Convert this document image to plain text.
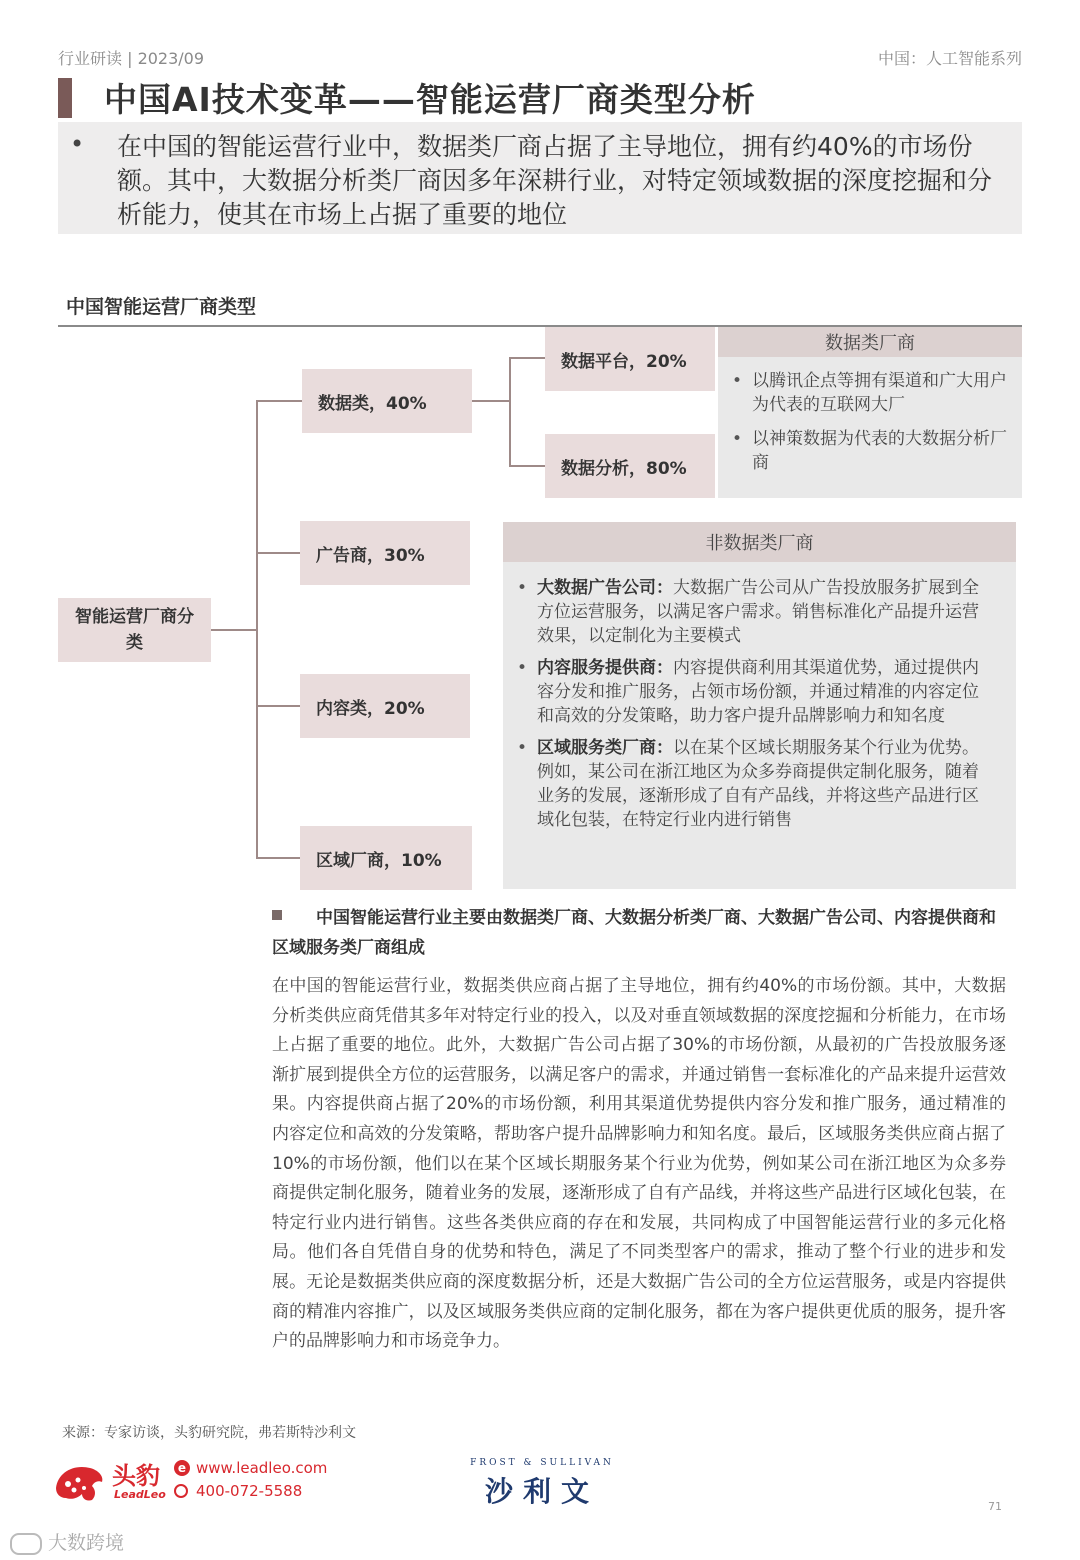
行业研读 | 2023/09	中国：人工智能系列
中国AI技术变革——智能运营厂商类型分析
• 在中国的智能运营行业中，数据类厂商占据了主导地位，拥有约40%的市场份额。其中，大数据分析类厂商因多年深耕行业，对特定领域数据的深度挖掘和分析能力，使其在市场上占据了重要的地位
中国智能运营厂商类型
智能运营厂商分类
数据类，40%
广告商，30%
内容类，20%
区域厂商，10%
数据平台，20%
数据分析，80%
数据类厂商
• 以腾讯企点等拥有渠道和广大用户为代表的互联网大厂
• 以神策数据为代表的大数据分析厂商
非数据类厂商
• 大数据广告公司：大数据广告公司从广告投放服务扩展到全方位运营服务，以满足客户需求。销售标准化产品提升运营效果，以定制化为主要模式
• 内容服务提供商：内容提供商利用其渠道优势，通过提供内容分发和推广服务，占领市场份额，并通过精准的内容定位和高效的分发策略，助力客户提升品牌影响力和知名度
• 区域服务类厂商：以在某个区域长期服务某个行业为优势。例如，某公司在浙江地区为众多券商提供定制化服务，随着业务的发展，逐渐形成了自有产品线，并将这些产品进行区域化包装，在特定行业内进行销售
中国智能运营行业主要由数据类厂商、大数据分析类厂商、大数据广告公司、内容提供商和区域服务类厂商组成
在中国的智能运营行业，数据类供应商占据了主导地位，拥有约40%的市场份额。其中，大数据分析类供应商凭借其多年对特定行业的投入，以及对垂直领域数据的深度挖掘和分析能力，在市场上占据了重要的地位。此外，大数据广告公司占据了30%的市场份额，从最初的广告投放服务逐渐扩展到提供全方位的运营服务，以满足客户的需求，并通过销售一套标准化的产品来提升运营效果。内容提供商占据了20%的市场份额，利用其渠道优势提供内容分发和推广服务，通过精准的内容定位和高效的分发策略，帮助客户提升品牌影响力和知名度。最后，区域服务类供应商占据了10%的市场份额，他们以在某个区域长期服务某个行业为优势，例如某公司在浙江地区为众多券商提供定制化服务，随着业务的发展，逐渐形成了自有产品线，并将这些产品进行区域化包装，在特定行业内进行销售。这些各类供应商的存在和发展，共同构成了中国智能运营行业的多元化格局。他们各自凭借自身的优势和特色，满足了不同类型客户的需求，推动了整个行业的进步和发展。无论是数据类供应商的深度数据分析，还是大数据广告公司的全方位运营服务，或是内容提供商的精准内容推广，以及区域服务类供应商的定制化服务，都在为客户提供更优质的服务，提升客户的品牌影响力和市场竞争力。
来源：专家访谈，头豹研究院，弗若斯特沙利文
头豹
LeadLeo
e www.leadleo.com
400-072-5588
FROST & SULLIVAN
沙利文	71
大数跨境
